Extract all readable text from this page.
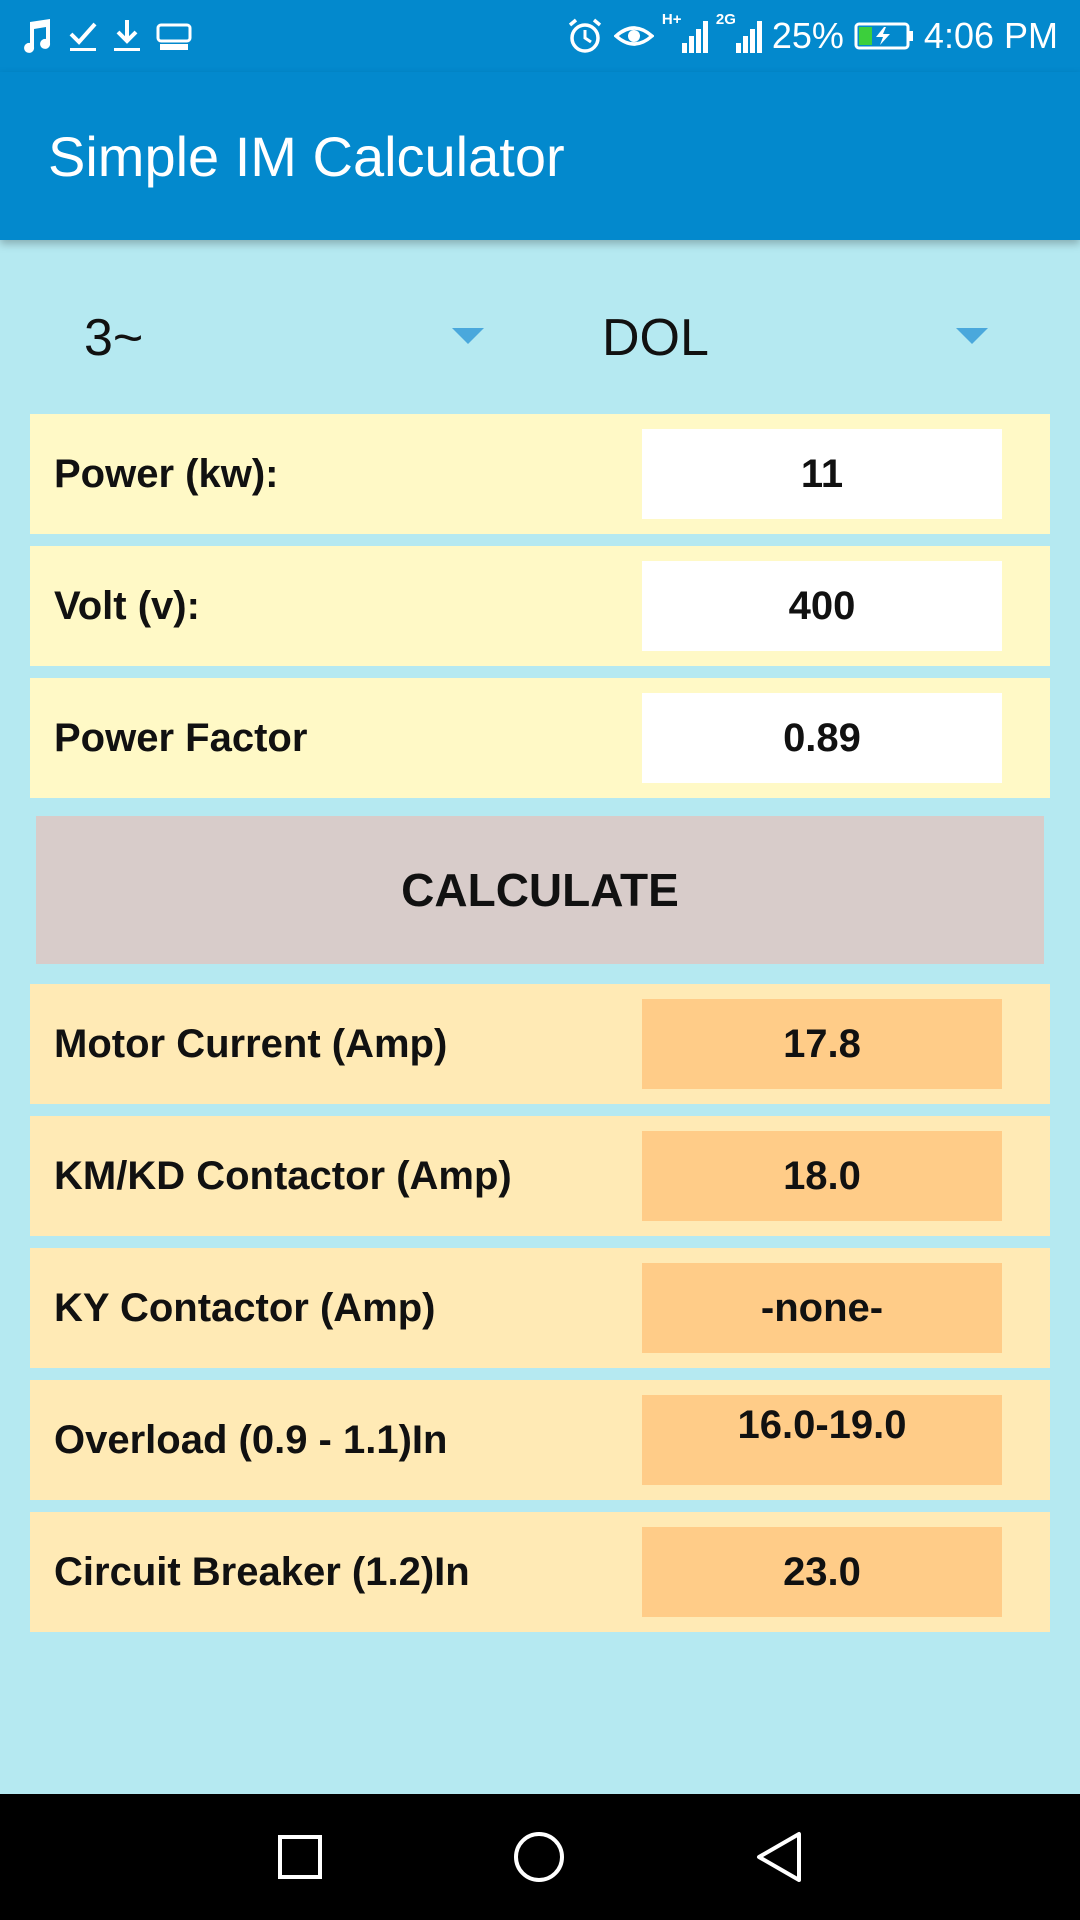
H+ 2G 25% 4:06 PM
Simple IM Calculator
3~	DOL
Power (kw):	11
Volt (v):	400
Power Factor	0.89
CALCULATE
Motor Current (Amp)	17.8
KM/KD Contactor (Amp)	18.0
KY Contactor (Amp)	-none-
Overload (0.9 - 1.1)In	16.0-19.0
Circuit Breaker (1.2)In	23.0
